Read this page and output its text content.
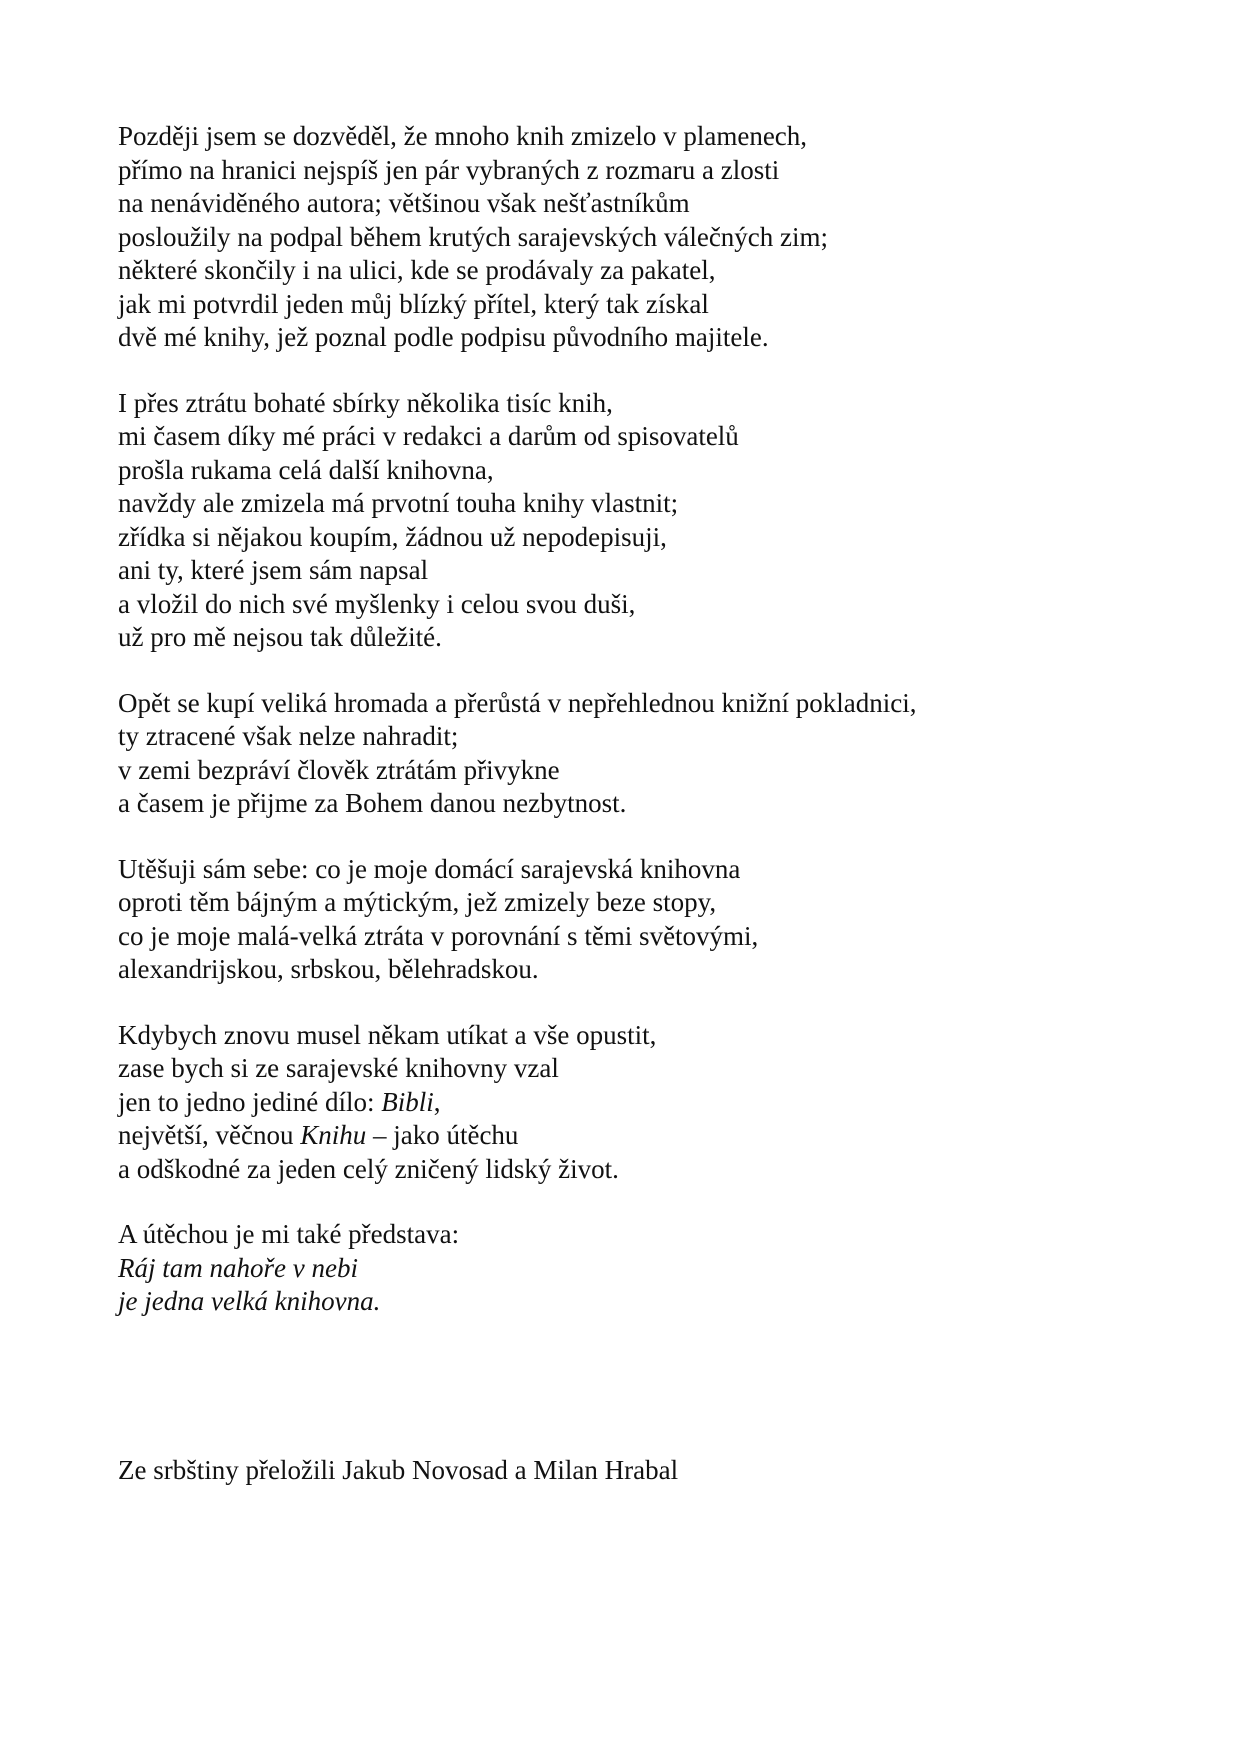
Později jsem se dozvěděl, že mnoho knih zmizelo v plamenech,
přímo na hranici nejspíš jen pár vybraných z rozmaru a zlosti
na nenáviděného autora; většinou však nešťastníkům
posloužily na podpal během krutých sarajevských válečných zim;
některé skončily i na ulici, kde se prodávaly za pakatel,
jak mi potvrdil jeden můj blízký přítel, který tak získal
dvě mé knihy, jež poznal podle podpisu původního majitele.
I přes ztrátu bohaté sbírky několika tisíc knih,
mi časem díky mé práci v redakci a darům od spisovatelů
prošla rukama celá další knihovna,
navždy ale zmizela má prvotní touha knihy vlastnit;
zřídka si nějakou koupím, žádnou už nepodepisuji,
ani ty, které jsem sám napsal
a vložil do nich své myšlenky i celou svou duši,
už pro mě nejsou tak důležité.
Opět se kupí veliká hromada a přerůstá v nepřehlednou knižní pokladnici,
ty ztracené však nelze nahradit;
v zemi bezpráví člověk ztrátám přivykne
a časem je přijme za Bohem danou nezbytnost.
Utěšuji sám sebe: co je moje domácí sarajevská knihovna
oproti těm bájným a mýtickým, jež zmizely beze stopy,
co je moje malá-velká ztráta v porovnání s těmi světovými,
alexandrijskou, srbskou, bělehradskou.
Kdybych znovu musel někam utíkat a vše opustit,
zase bych si ze sarajevské knihovny vzal
jen to jedno jediné dílo: Bibli,
největší, věčnou Knihu – jako útěchu
a odškodné za jeden celý zničený lidský život.
A útěchou je mi také představa:
Ráj tam nahoře v nebi
je jedna velká knihovna.
Ze srbštiny přeložili Jakub Novosad a Milan Hrabal
